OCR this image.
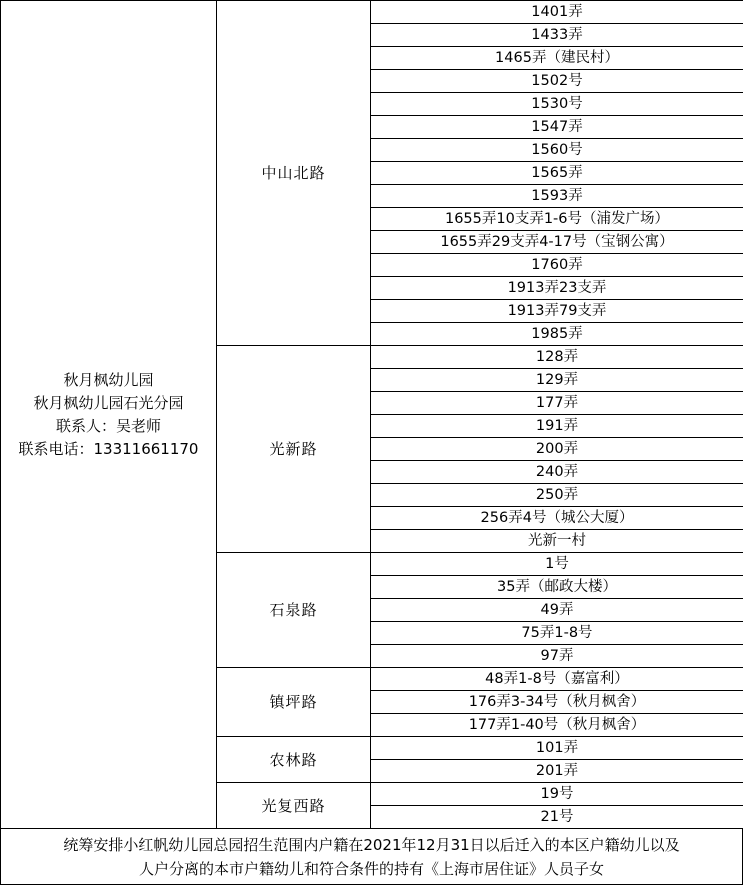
秋月枫幼儿园
秋月枫幼儿园石光分园
联系人：吴老师
联系电话：13311661170	中山北路	1401弄
		1433弄
		1465弄（建民村）
		1502号
		1530号
		1547弄
		1560号
		1565弄
		1593弄
		1655弄10支弄1-6号（浦发广场）
		1655弄29支弄4-17号（宝钢公寓）
		1760弄
		1913弄23支弄
		1913弄79支弄
		1985弄
	光新路	128弄
		129弄
		177弄
		191弄
		200弄
		240弄
		250弄
		256弄4号（城公大厦）
		光新一村
	石泉路	1号
		35弄（邮政大楼）
		49弄
		75弄1-8号
		97弄
	镇坪路	48弄1-8号（嘉富利）
		176弄3-34号（秋月枫舍）
		177弄1-40号（秋月枫舍）
	农林路	101弄
		201弄
	光复西路	19号
		21号

统筹安排小红帆幼儿园总园招生范围内户籍在2021年12月31日以后迁入的本区户籍幼儿以及
人户分离的本市户籍幼儿和符合条件的持有《上海市居住证》人员子女
